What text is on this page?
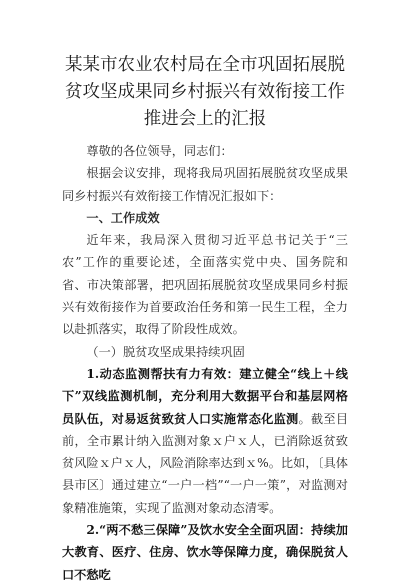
某某市农业农村局在全市巩固拓展脱贫攻坚成果同乡村振兴有效衔接工作推进会上的汇报

尊敬的各位领导，同志们：

根据会议安排，现将我局巩固拓展脱贫攻坚成果同乡村振兴有效衔接工作情况汇报如下：

一、工作成效

近年来，我局深入贯彻习近平总书记关于“三农”工作的重要论述，全面落实党中央、国务院和省、市决策部署，把巩固拓展脱贫攻坚成果同乡村振兴有效衔接作为首要政治任务和第一民生工程，全力以赴抓落实，取得了阶段性成效。

（一）脱贫攻坚成果持续巩固

1.动态监测帮扶有力有效：建立健全“线上＋线下”双线监测机制，充分利用大数据平台和基层网格员队伍，对易返贫致贫人口实施常态化监测。截至目前，全市累计纳入监测对象ｘ户ｘ人，已消除返贫致贫风险ｘ户ｘ人，风险消除率达到ｘ%。比如，〔具体县市区〕通过建立“一户一档”“一户一策”，对监测对象精准施策，实现了监测对象动态清零。

2.“两不愁三保障”及饮水安全全面巩固：持续加大教育、医疗、住房、饮水等保障力度，确保脱贫人口不愁吃
